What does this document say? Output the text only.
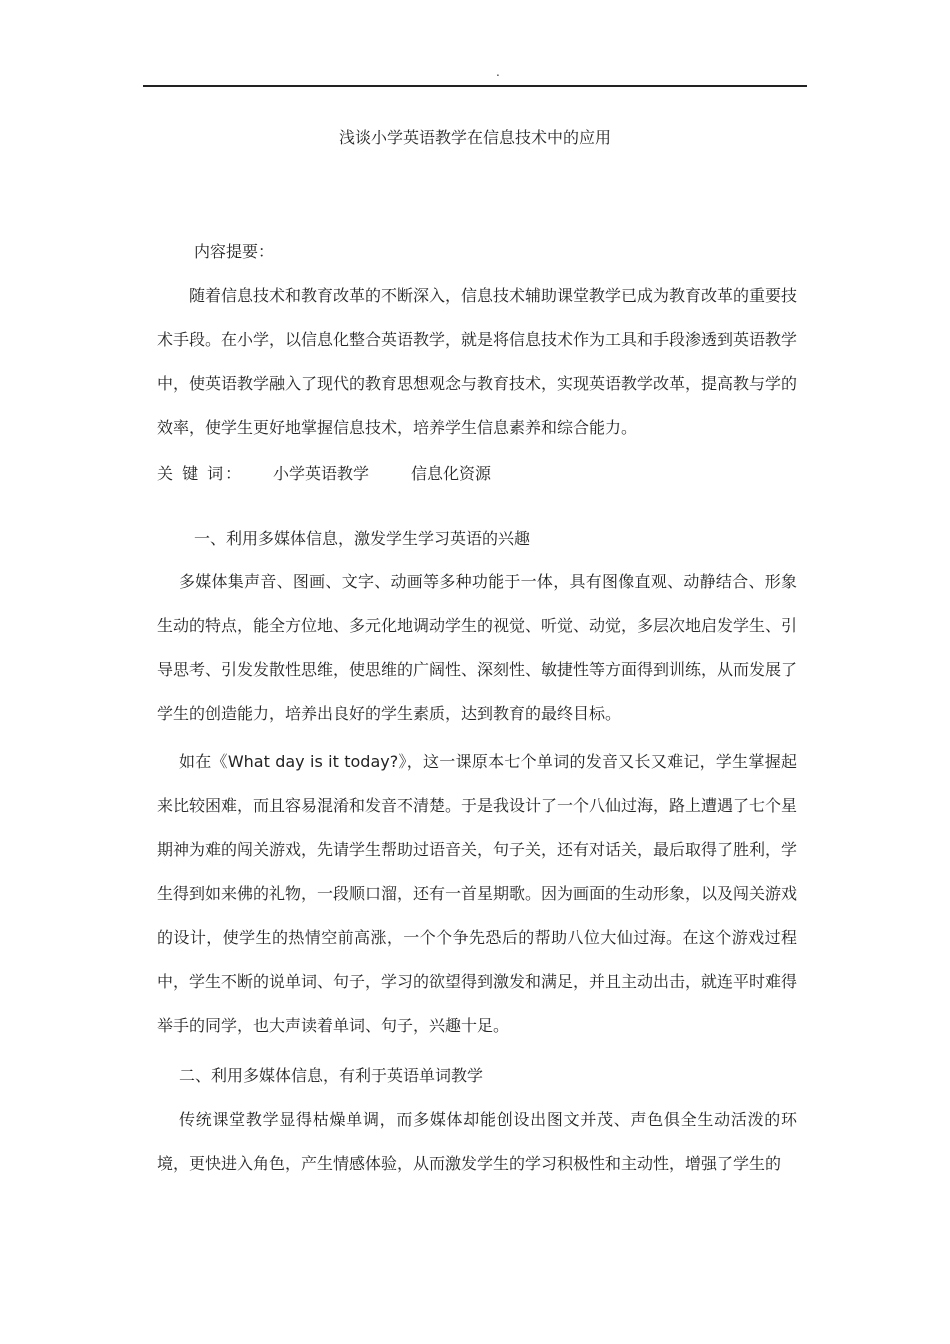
.
浅谈小学英语教学在信息技术中的应用
内容提要：
随着信息技术和教育改革的不断深入，信息技术辅助课堂教学已成为教育改革的重要技术手段。在小学，以信息化整合英语教学，就是将信息技术作为工具和手段渗透到英语教学中，使英语教学融入了现代的教育思想观念与教育技术，实现英语教学改革，提高教与学的效率，使学生更好地掌握信息技术，培养学生信息素养和综合能力。
关 键 词： 小学英语教学	信息化资源
一、利用多媒体信息，激发学生学习英语的兴趣
多媒体集声音、图画、文字、动画等多种功能于一体，具有图像直观、动静结合、形象生动的特点，能全方位地、多元化地调动学生的视觉、听觉、动觉，多层次地启发学生、引导思考、引发发散性思维，使思维的广阔性、深刻性、敏捷性等方面得到训练，从而发展了学生的创造能力，培养出良好的学生素质，达到教育的最终目标。
如在《What day is it today?》，这一课原本七个单词的发音又长又难记，学生掌握起来比较困难，而且容易混淆和发音不清楚。于是我设计了一个八仙过海，路上遭遇了七个星期神为难的闯关游戏，先请学生帮助过语音关，句子关，还有对话关，最后取得了胜利，学生得到如来佛的礼物，一段顺口溜，还有一首星期歌。因为画面的生动形象，以及闯关游戏的设计，使学生的热情空前高涨，一个个争先恐后的帮助八位大仙过海。在这个游戏过程中，学生不断的说单词、句子，学习的欲望得到激发和满足，并且主动出击，就连平时难得举手的同学，也大声读着单词、句子，兴趣十足。
二、利用多媒体信息，有利于英语单词教学
传统课堂教学显得枯燥单调，而多媒体却能创设出图文并茂、声色俱全生动活泼的环境，更快进入角色，产生情感体验，从而激发学生的学习积极性和主动性，增强了学生的
